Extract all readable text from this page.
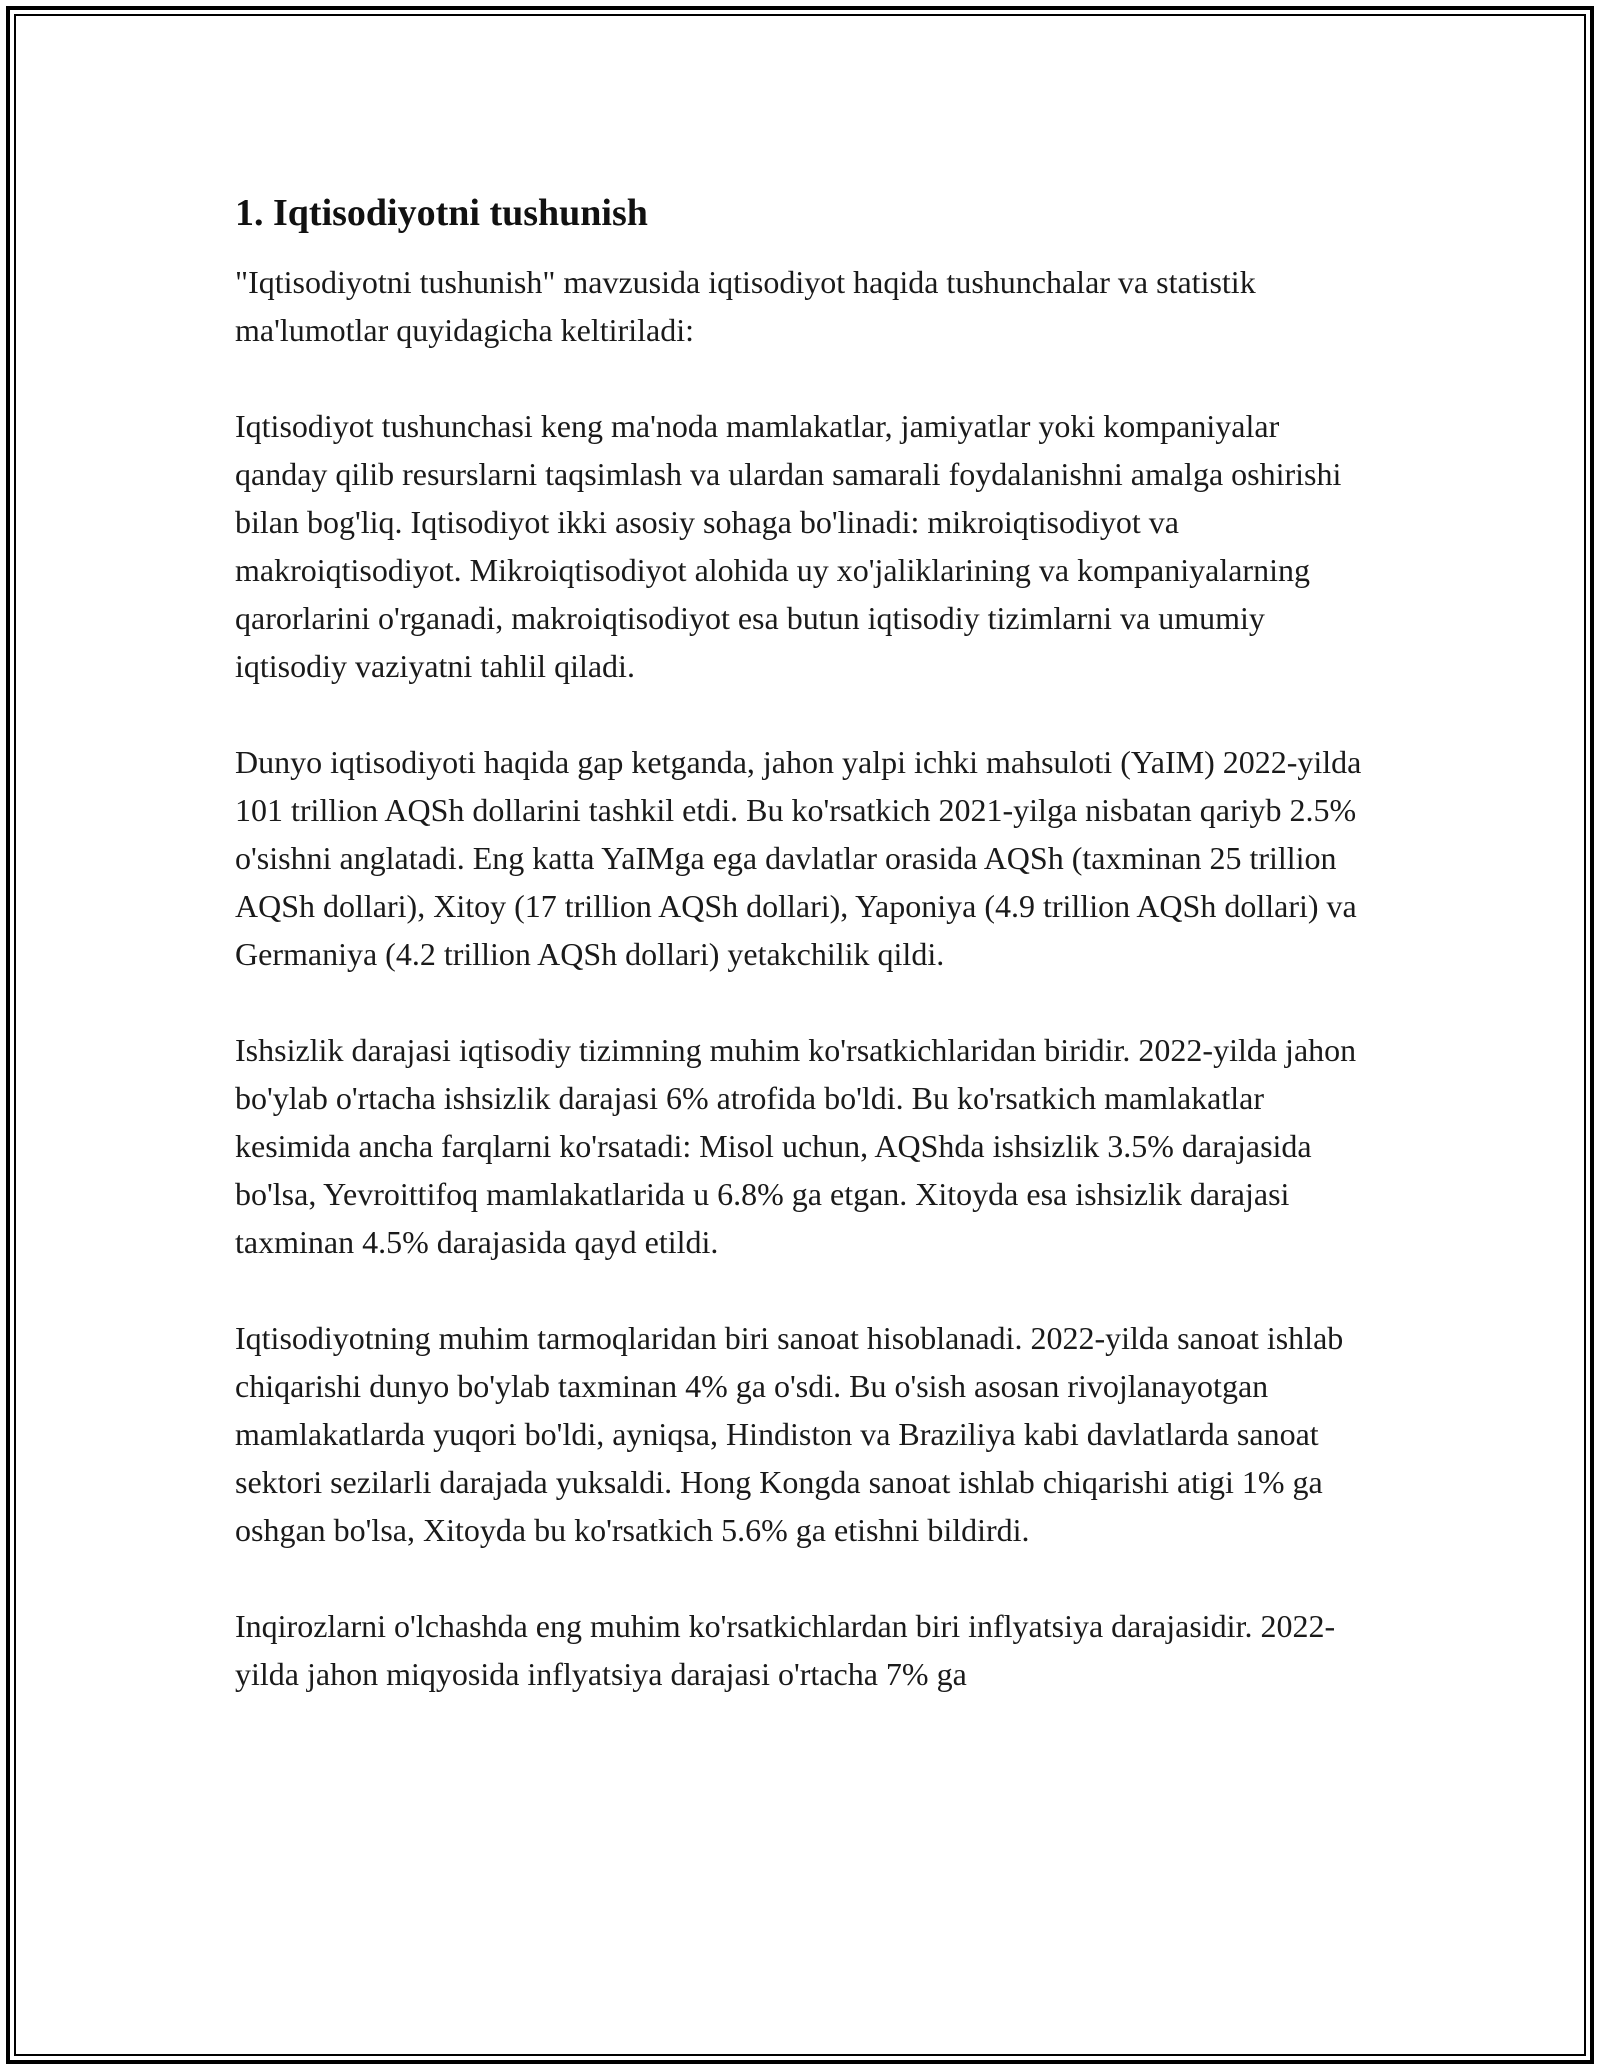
1. Iqtisodiyotni tushunish

"Iqtisodiyotni tushunish" mavzusida iqtisodiyot haqida tushunchalar va statistik ma'lumotlar quyidagicha keltiriladi:

Iqtisodiyot tushunchasi keng ma'noda mamlakatlar, jamiyatlar yoki kompaniyalar qanday qilib resurslarni taqsimlash va ulardan samarali foydalanishni amalga oshirishi bilan bog'liq. Iqtisodiyot ikki asosiy sohaga bo'linadi: mikroiqtisodiyot va makroiqtisodiyot. Mikroiqtisodiyot alohida uy xo'jaliklarining va kompaniyalarning qarorlarini o'rganadi, makroiqtisodiyot esa butun iqtisodiy tizimlarni va umumiy iqtisodiy vaziyatni tahlil qiladi.

Dunyo iqtisodiyoti haqida gap ketganda, jahon yalpi ichki mahsuloti (YaIM) 2022-yilda 101 trillion AQSh dollarini tashkil etdi. Bu ko'rsatkich 2021-yilga nisbatan qariyb 2.5% o'sishni anglatadi. Eng katta YaIMga ega davlatlar orasida AQSh (taxminan 25 trillion AQSh dollari), Xitoy (17 trillion AQSh dollari), Yaponiya (4.9 trillion AQSh dollari) va Germaniya (4.2 trillion AQSh dollari) yetakchilik qildi.

Ishsizlik darajasi iqtisodiy tizimning muhim ko'rsatkichlaridan biridir. 2022-yilda jahon bo'ylab o'rtacha ishsizlik darajasi 6% atrofida bo'ldi. Bu ko'rsatkich mamlakatlar kesimida ancha farqlarni ko'rsatadi: Misol uchun, AQShda ishsizlik 3.5% darajasida bo'lsa, Yevroittifoq mamlakatlarida u 6.8% ga etgan. Xitoyda esa ishsizlik darajasi taxminan 4.5% darajasida qayd etildi.

Iqtisodiyotning muhim tarmoqlaridan biri sanoat hisoblanadi. 2022-yilda sanoat ishlab chiqarishi dunyo bo'ylab taxminan 4% ga o'sdi. Bu o'sish asosan rivojlanayotgan mamlakatlarda yuqori bo'ldi, ayniqsa, Hindiston va Braziliya kabi davlatlarda sanoat sektori sezilarli darajada yuksaldi. Hong Kongda sanoat ishlab chiqarishi atigi 1% ga oshgan bo'lsa, Xitoyda bu ko'rsatkich 5.6% ga etishni bildirdi.

Inqirozlarni o'lchashda eng muhim ko'rsatkichlardan biri inflyatsiya darajasidir. 2022-yilda jahon miqyosida inflyatsiya darajasi o'rtacha 7% ga
